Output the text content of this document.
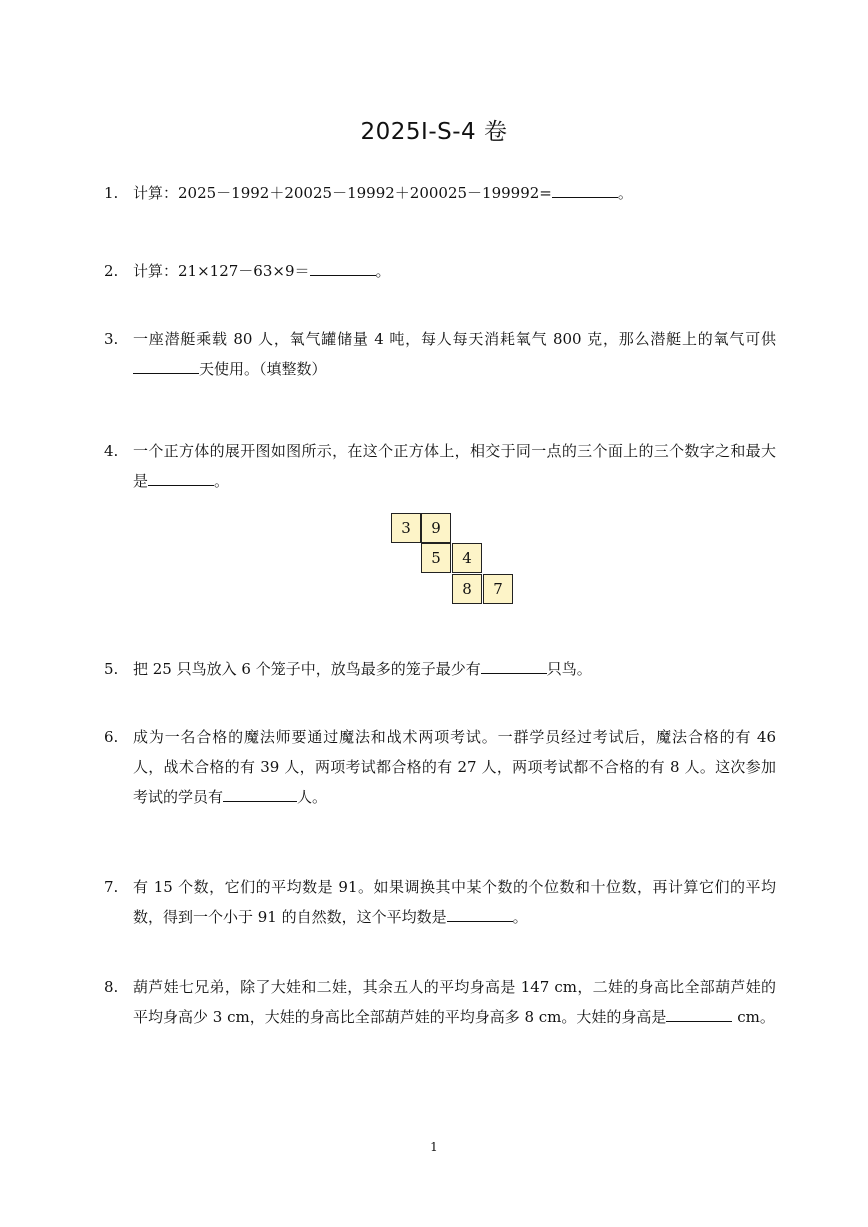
2025I-S-4 卷
1. 计算：2025－1992＋20025－19992＋200025－199992=	。
2. 计算：21×127－63×9＝	。
3. 一座潜艇乘载 80 人，氧气罐储量 4 吨，每人每天消耗氧气 800 克，那么潜艇上的氧气可供天使用。（填整数）
4. 一个正方体的展开图如图所示，在这个正方体上，相交于同一点的三个面上的三个数字之和最大是	。
3	9
5	4
8	7
5. 把 25 只鸟放入 6 个笼子中，放鸟最多的笼子最少有	只鸟。
6. 成为一名合格的魔法师要通过魔法和战术两项考试。一群学员经过考试后，魔法合格的有 46 人，战术合格的有 39 人，两项考试都合格的有 27 人，两项考试都不合格的有 8 人。这次参加考试的学员有	人。
7. 有 15 个数，它们的平均数是 91。如果调换其中某个数的个位数和十位数，再计算它们的平均数，得到一个小于 91 的自然数，这个平均数是	。
8. 葫芦娃七兄弟，除了大娃和二娃，其余五人的平均身高是 147 cm，二娃的身高比全部葫芦娃的平均身高少 3 cm，大娃的身高比全部葫芦娃的平均身高多 8 cm。大娃的身高是	cm。
1
